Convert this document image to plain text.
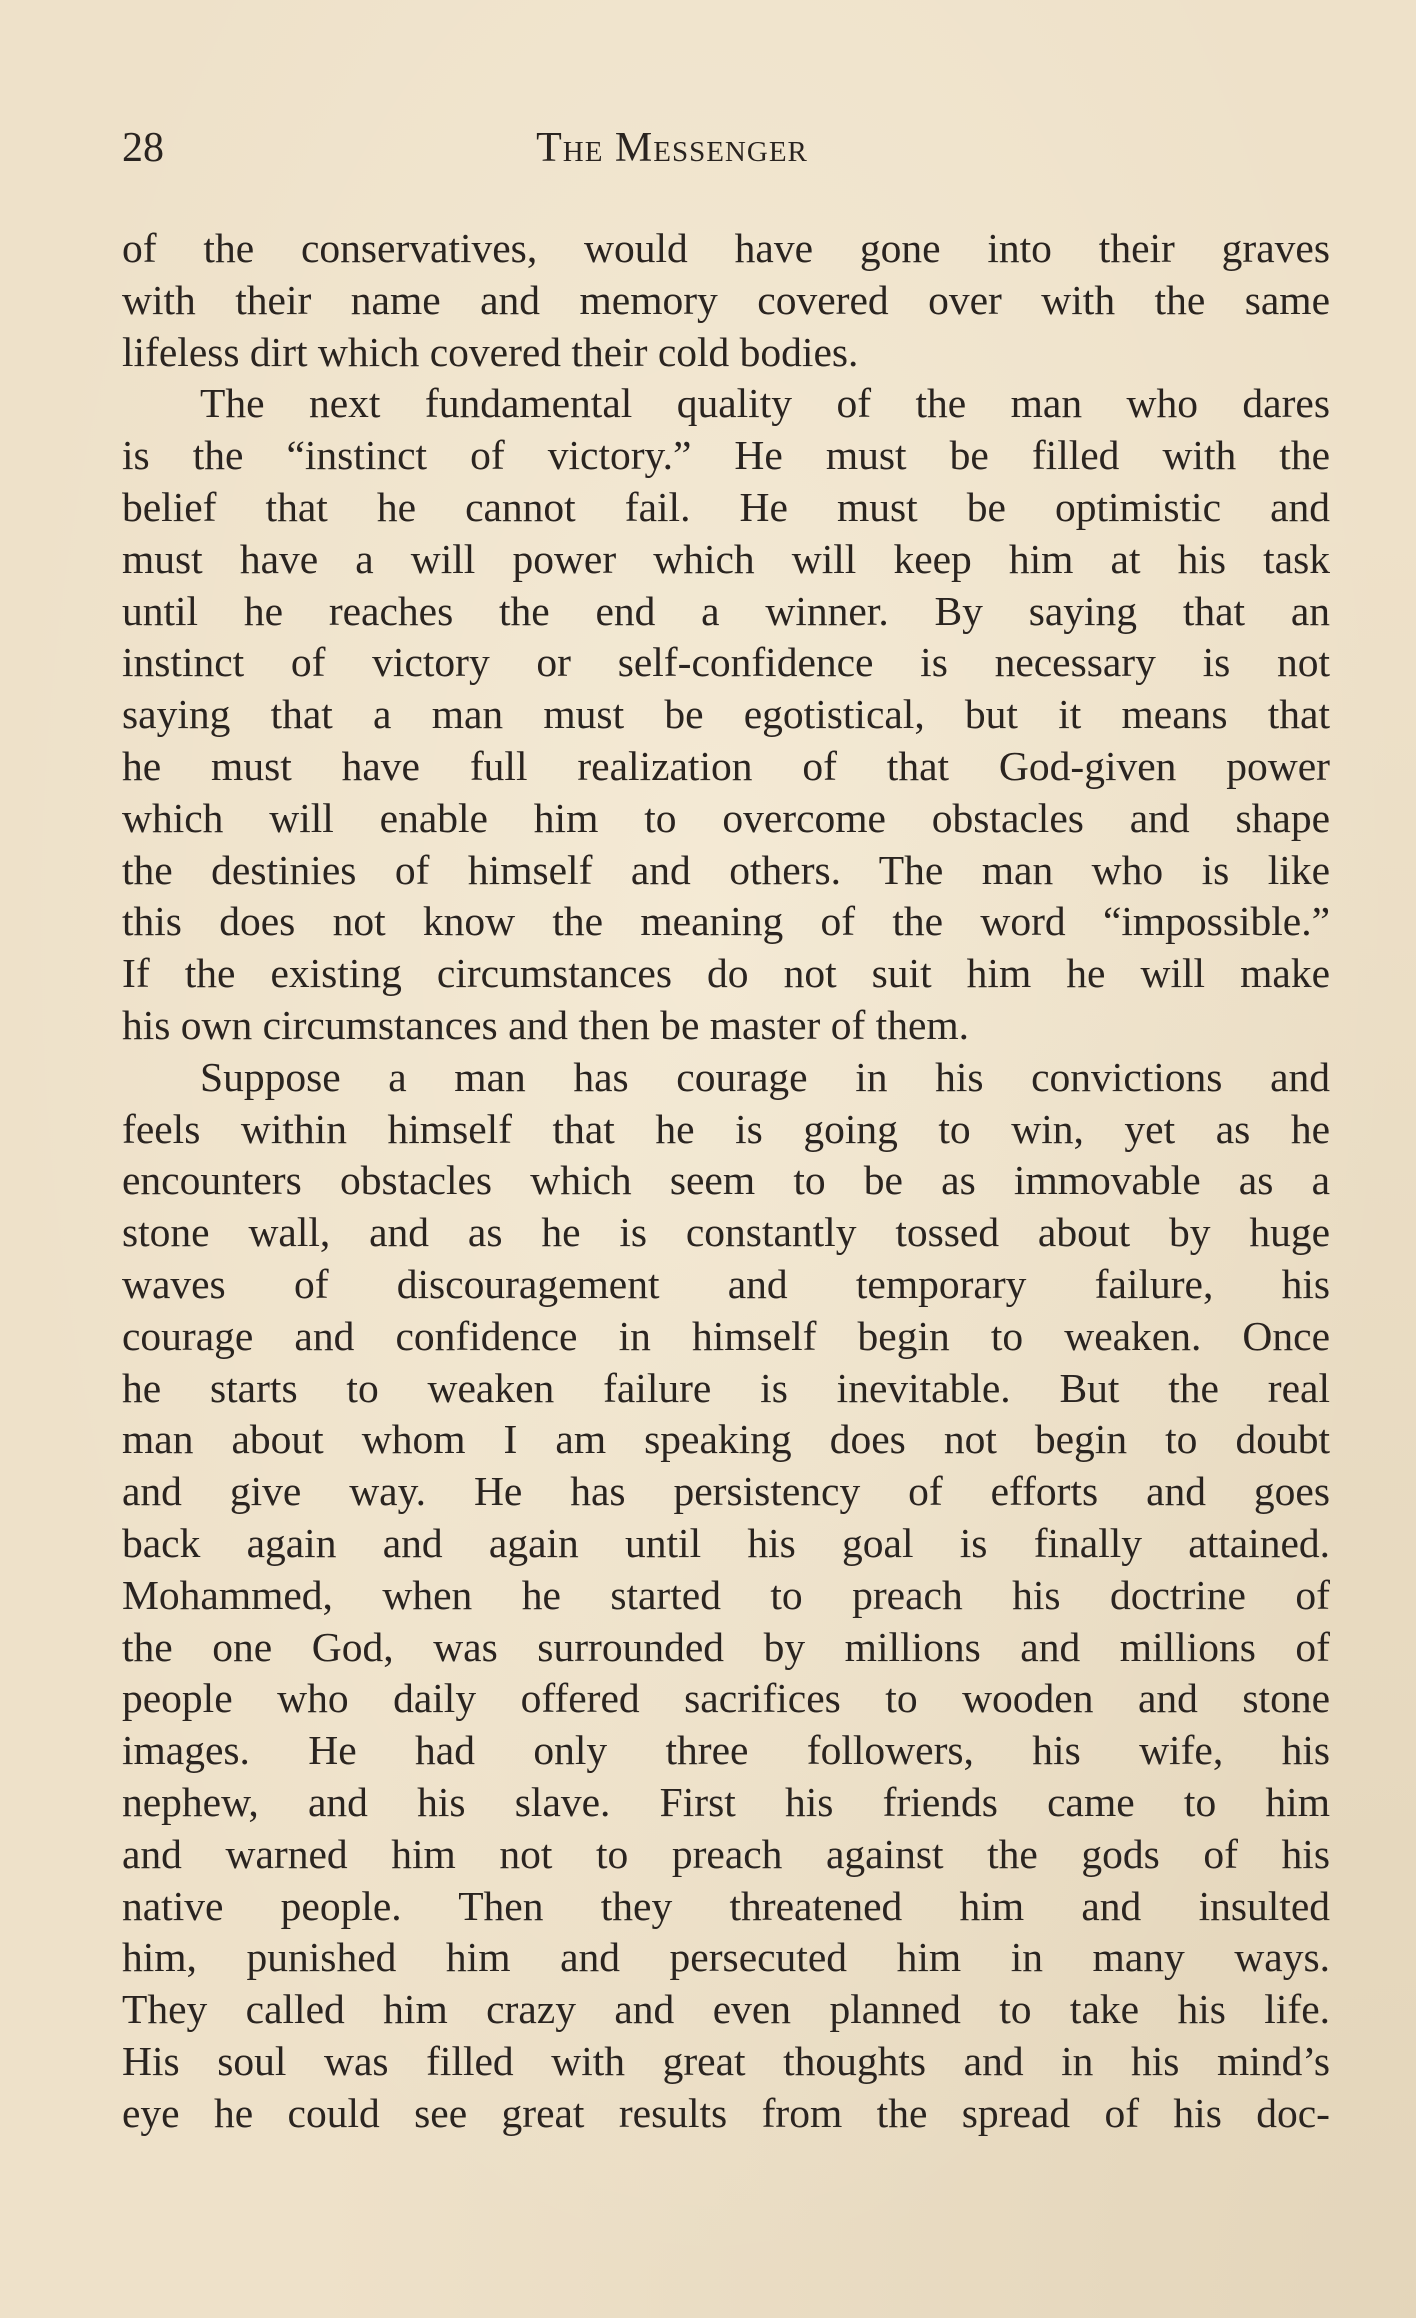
28	The Messenger
of the conservatives, would have gone into their graves
with their name and memory covered over with the same
lifeless dirt which covered their cold bodies.
The next fundamental quality of the man who dares
is the “instinct of victory.” He must be filled with the
belief that he cannot fail. He must be optimistic and
must have a will power which will keep him at his task
until he reaches the end a winner. By saying that an
instinct of victory or self-confidence is necessary is not
saying that a man must be egotistical, but it means that
he must have full realization of that God-given power
which will enable him to overcome obstacles and shape
the destinies of himself and others. The man who is like
this does not know the meaning of the word “impossible.”
If the existing circumstances do not suit him he will make
his own circumstances and then be master of them.
Suppose a man has courage in his convictions and
feels within himself that he is going to win, yet as he
encounters obstacles which seem to be as immovable as a
stone wall, and as he is constantly tossed about by huge
waves of discouragement and temporary failure, his
courage and confidence in himself begin to weaken. Once
he starts to weaken failure is inevitable. But the real
man about whom I am speaking does not begin to doubt
and give way. He has persistency of efforts and goes
back again and again until his goal is finally attained.
Mohammed, when he started to preach his doctrine of
the one God, was surrounded by millions and millions of
people who daily offered sacrifices to wooden and stone
images. He had only three followers, his wife, his
nephew, and his slave. First his friends came to him
and warned him not to preach against the gods of his
native people. Then they threatened him and insulted
him, punished him and persecuted him in many ways.
They called him crazy and even planned to take his life.
His soul was filled with great thoughts and in his mind’s
eye he could see great results from the spread of his doc-
